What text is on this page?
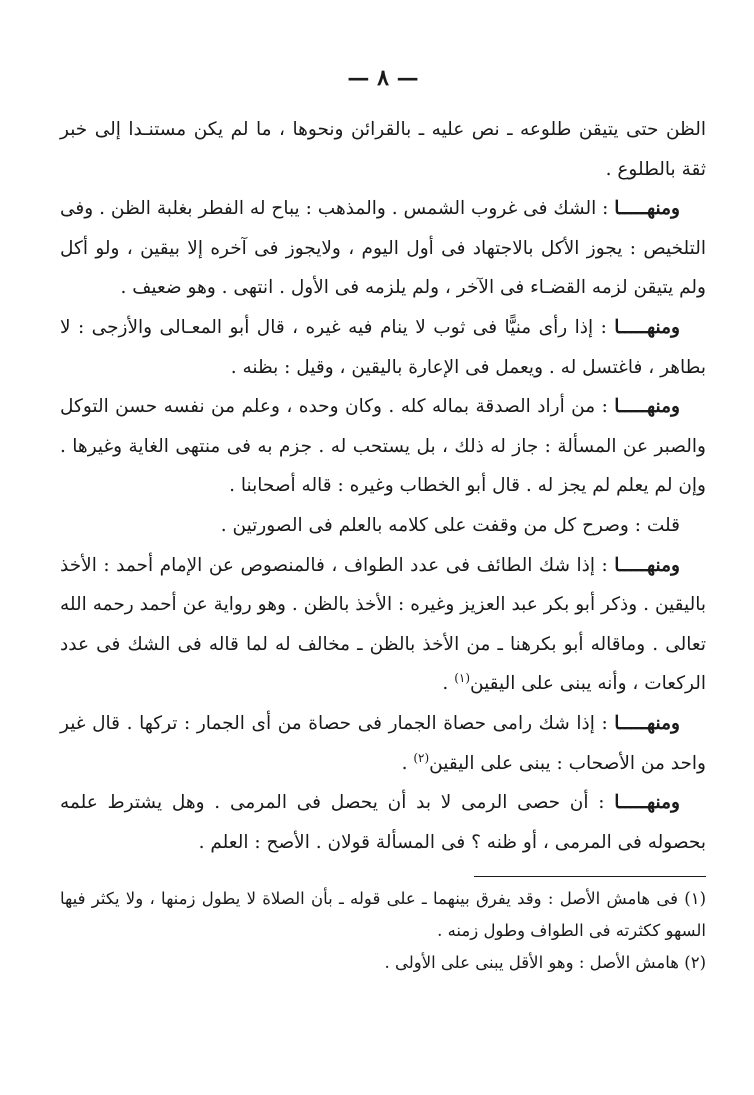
— ٨ —

الظن حتى يتيقن طلوعه ـ نص عليه ـ بالقرائن ونحوها ، ما لم يكن مستنـدا إلى خبر ثقة بالطلوع .

ومنهـــــا : الشك فى غروب الشمس . والمذهب : يباح له الفطر بغلبة الظن . وفى التلخيص : يجوز الأكل بالاجتهاد فى أول اليوم ، ولايجوز فى آخره إلا بيقين ، ولو أكل ولم يتيقن لزمه القضـاء فى الآخر ، ولم يلزمه فى الأول . انتهى . وهو ضعيف .

ومنهـــــا : إذا رأى منيًّا فى ثوب لا ينام فيه غيره ، قال أبو المعـالى والأزجى : لا بطاهر ، فاغتسل له . ويعمل فى الإعارة باليقين ، وقيل : بظنه .

ومنهـــــا : من أراد الصدقة بماله كله . وكان وحده ، وعلم من نفسه حسن التوكل والصبر عن المسألة : جاز له ذلك ، بل يستحب له . جزم به فى منتهى الغاية وغيرها . وإن لم يعلم لم يجز له . قال أبو الخطاب وغيره : قاله أصحابنا .

قلت : وصرح كل من وقفت على كلامه بالعلم فى الصورتين .

ومنهـــــا : إذا شك الطائف فى عدد الطواف ، فالمنصوص عن الإمام أحمد : الأخذ باليقين . وذكر أبو بكر عبد العزيز وغيره : الأخذ بالظن . وهو رواية عن أحمد رحمه الله تعالى . وماقاله أبو بكرهنا ـ من الأخذ بالظن ـ مخالف له لما قاله فى الشك فى عدد الركعات ، وأنه يبنى على اليقين$^{(١)}$ .

ومنهـــــا : إذا شك رامى حصاة الجمار فى حصاة من أى الجمار : تركها . قال غير واحد من الأصحاب : يبنى على اليقين$^{(٢)}$ .

ومنهـــــا : أن حصى الرمى لا بد أن يحصل فى المرمى . وهل يشترط علمه بحصوله فى المرمى ، أو ظنه ؟ فى المسألة قولان . الأصح : العلم .

(١) فى هامش الأصل : وقد يفرق بينهما ـ على قوله ـ بأن الصلاة لا يطول زمنها ، ولا يكثر فيها السهو ككثرته فى الطواف وطول زمنه .

(٢) هامش الأصل : وهو الأقل يبنى على الأولى .
